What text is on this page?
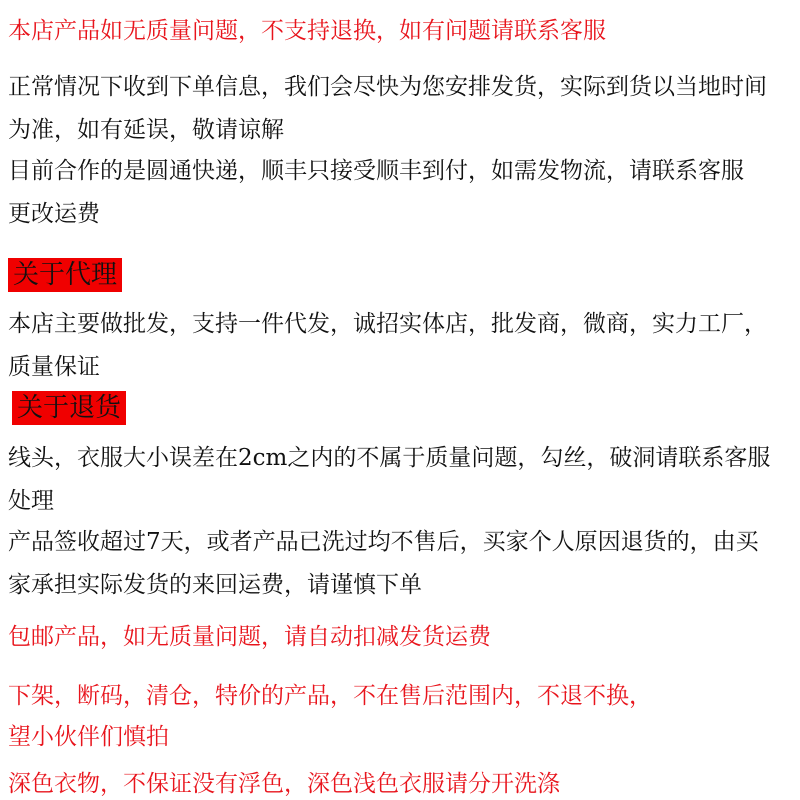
本店产品如无质量问题，不支持退换，如有问题请联系客服
正常情况下收到下单信息，我们会尽快为您安排发货，实际到货以当地时间
为准，如有延误，敬请谅解
目前合作的是圆通快递，顺丰只接受顺丰到付，如需发物流，请联系客服
更改运费
关于代理
本店主要做批发，支持一件代发，诚招实体店，批发商，微商，实力工厂，
质量保证
关于退货
线头，衣服大小误差在2cm之内的不属于质量问题，勾丝，破洞请联系客服
处理
产品签收超过7天，或者产品已洗过均不售后，买家个人原因退货的，由买
家承担实际发货的来回运费，请谨慎下单
包邮产品，如无质量问题，请自动扣减发货运费
下架，断码，清仓，特价的产品，不在售后范围内，不退不换，
望小伙伴们慎拍
深色衣物，不保证没有浮色，深色浅色衣服请分开洗涤
